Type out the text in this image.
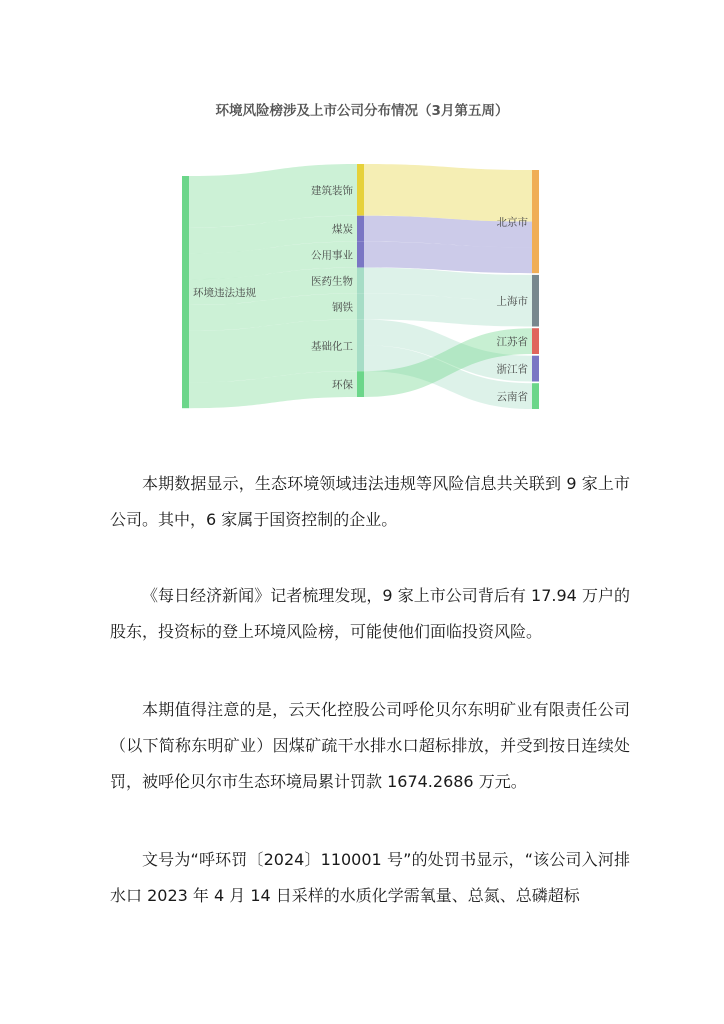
环境风险榜涉及上市公司分布情况（3月第五周）
环境违法违规
建筑装饰
煤炭
公用事业
医药生物
钢铁
基础化工
环保
北京市
上海市
江苏省
浙江省
云南省

本期数据显示，生态环境领域违法违规等风险信息共关联到 9 家上市公司。其中，6 家属于国资控制的企业。

《每日经济新闻》记者梳理发现，9 家上市公司背后有 17.94 万户的股东，投资标的登上环境风险榜，可能使他们面临投资风险。

本期值得注意的是，云天化控股公司呼伦贝尔东明矿业有限责任公司（以下简称东明矿业）因煤矿疏干水排水口超标排放，并受到按日连续处罚，被呼伦贝尔市生态环境局累计罚款 1674.2686 万元。

文号为“呼环罚〔2024〕110001 号”的处罚书显示，“该公司入河排水口 2023 年 4 月 14 日采样的水质化学需氧量、总氮、总磷超标
